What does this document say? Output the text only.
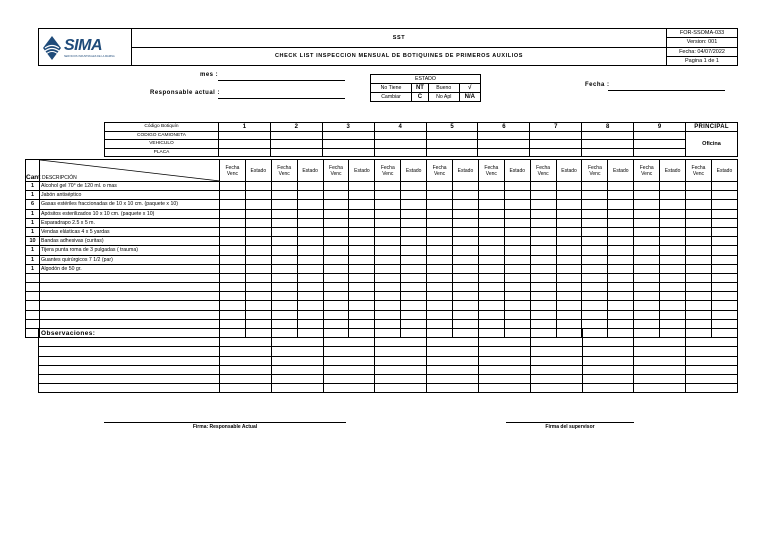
	SST	FOR-SSOMA-033
		Version: 001
	CHECK LIST INSPECCION MENSUAL DE BOTIQUINES DE PRIMEROS AUXILIOS	Fecha: 04/07/2022
		Pagina 1 de 1
SIMA
SERVICIOS INDUSTRIALES DE LA MARINA
mes :
Responsable actual :
Fecha :
ESTADO			
No Tiene	NT	Bueno	√
Cambiar	C	No Apl	N/A
Código Botiquín	1	2	3	4	5	6	7	8	9	PRINCIPAL
CODIGO CAMIONETA										Oficina
VEHICULO										
PLACA										
Cant	DESCRIPCIÓN	Fecha Venc	Estado	Fecha Venc	Estado	Fecha Venc	Estado	Fecha Venc	Estado	Fecha Venc	Estado	Fecha Venc	Estado	Fecha Venc	Estado	Fecha Venc	Estado	Fecha Venc	Estado	Fecha Venc	Estado
1	Alcohol gel 70° de 120 ml. o mas																				
1	Jabón antiséptico																				
6	Gasas estériles fraccionadas de 10 x 10 cm. (paquete x 10)																				
1	Apósitos esterilizados 10 x 10 cm. (paquete x 10)																				
1	Esparadrapo 2.5 x 5 m.																				
1	Vendas elásticas 4 x 5 yardas																				
10	Bandas adhesivas (curitas)																				
1	Tijera punta roma de 3 pulgadas ( trauma)																				
1	Guantes quirúrgicos 7 1/2 (par)																				
1	Algodón de 50 gr.																				

Observaciones:										

Firma: Responsable Actual	Firma del supervisor
